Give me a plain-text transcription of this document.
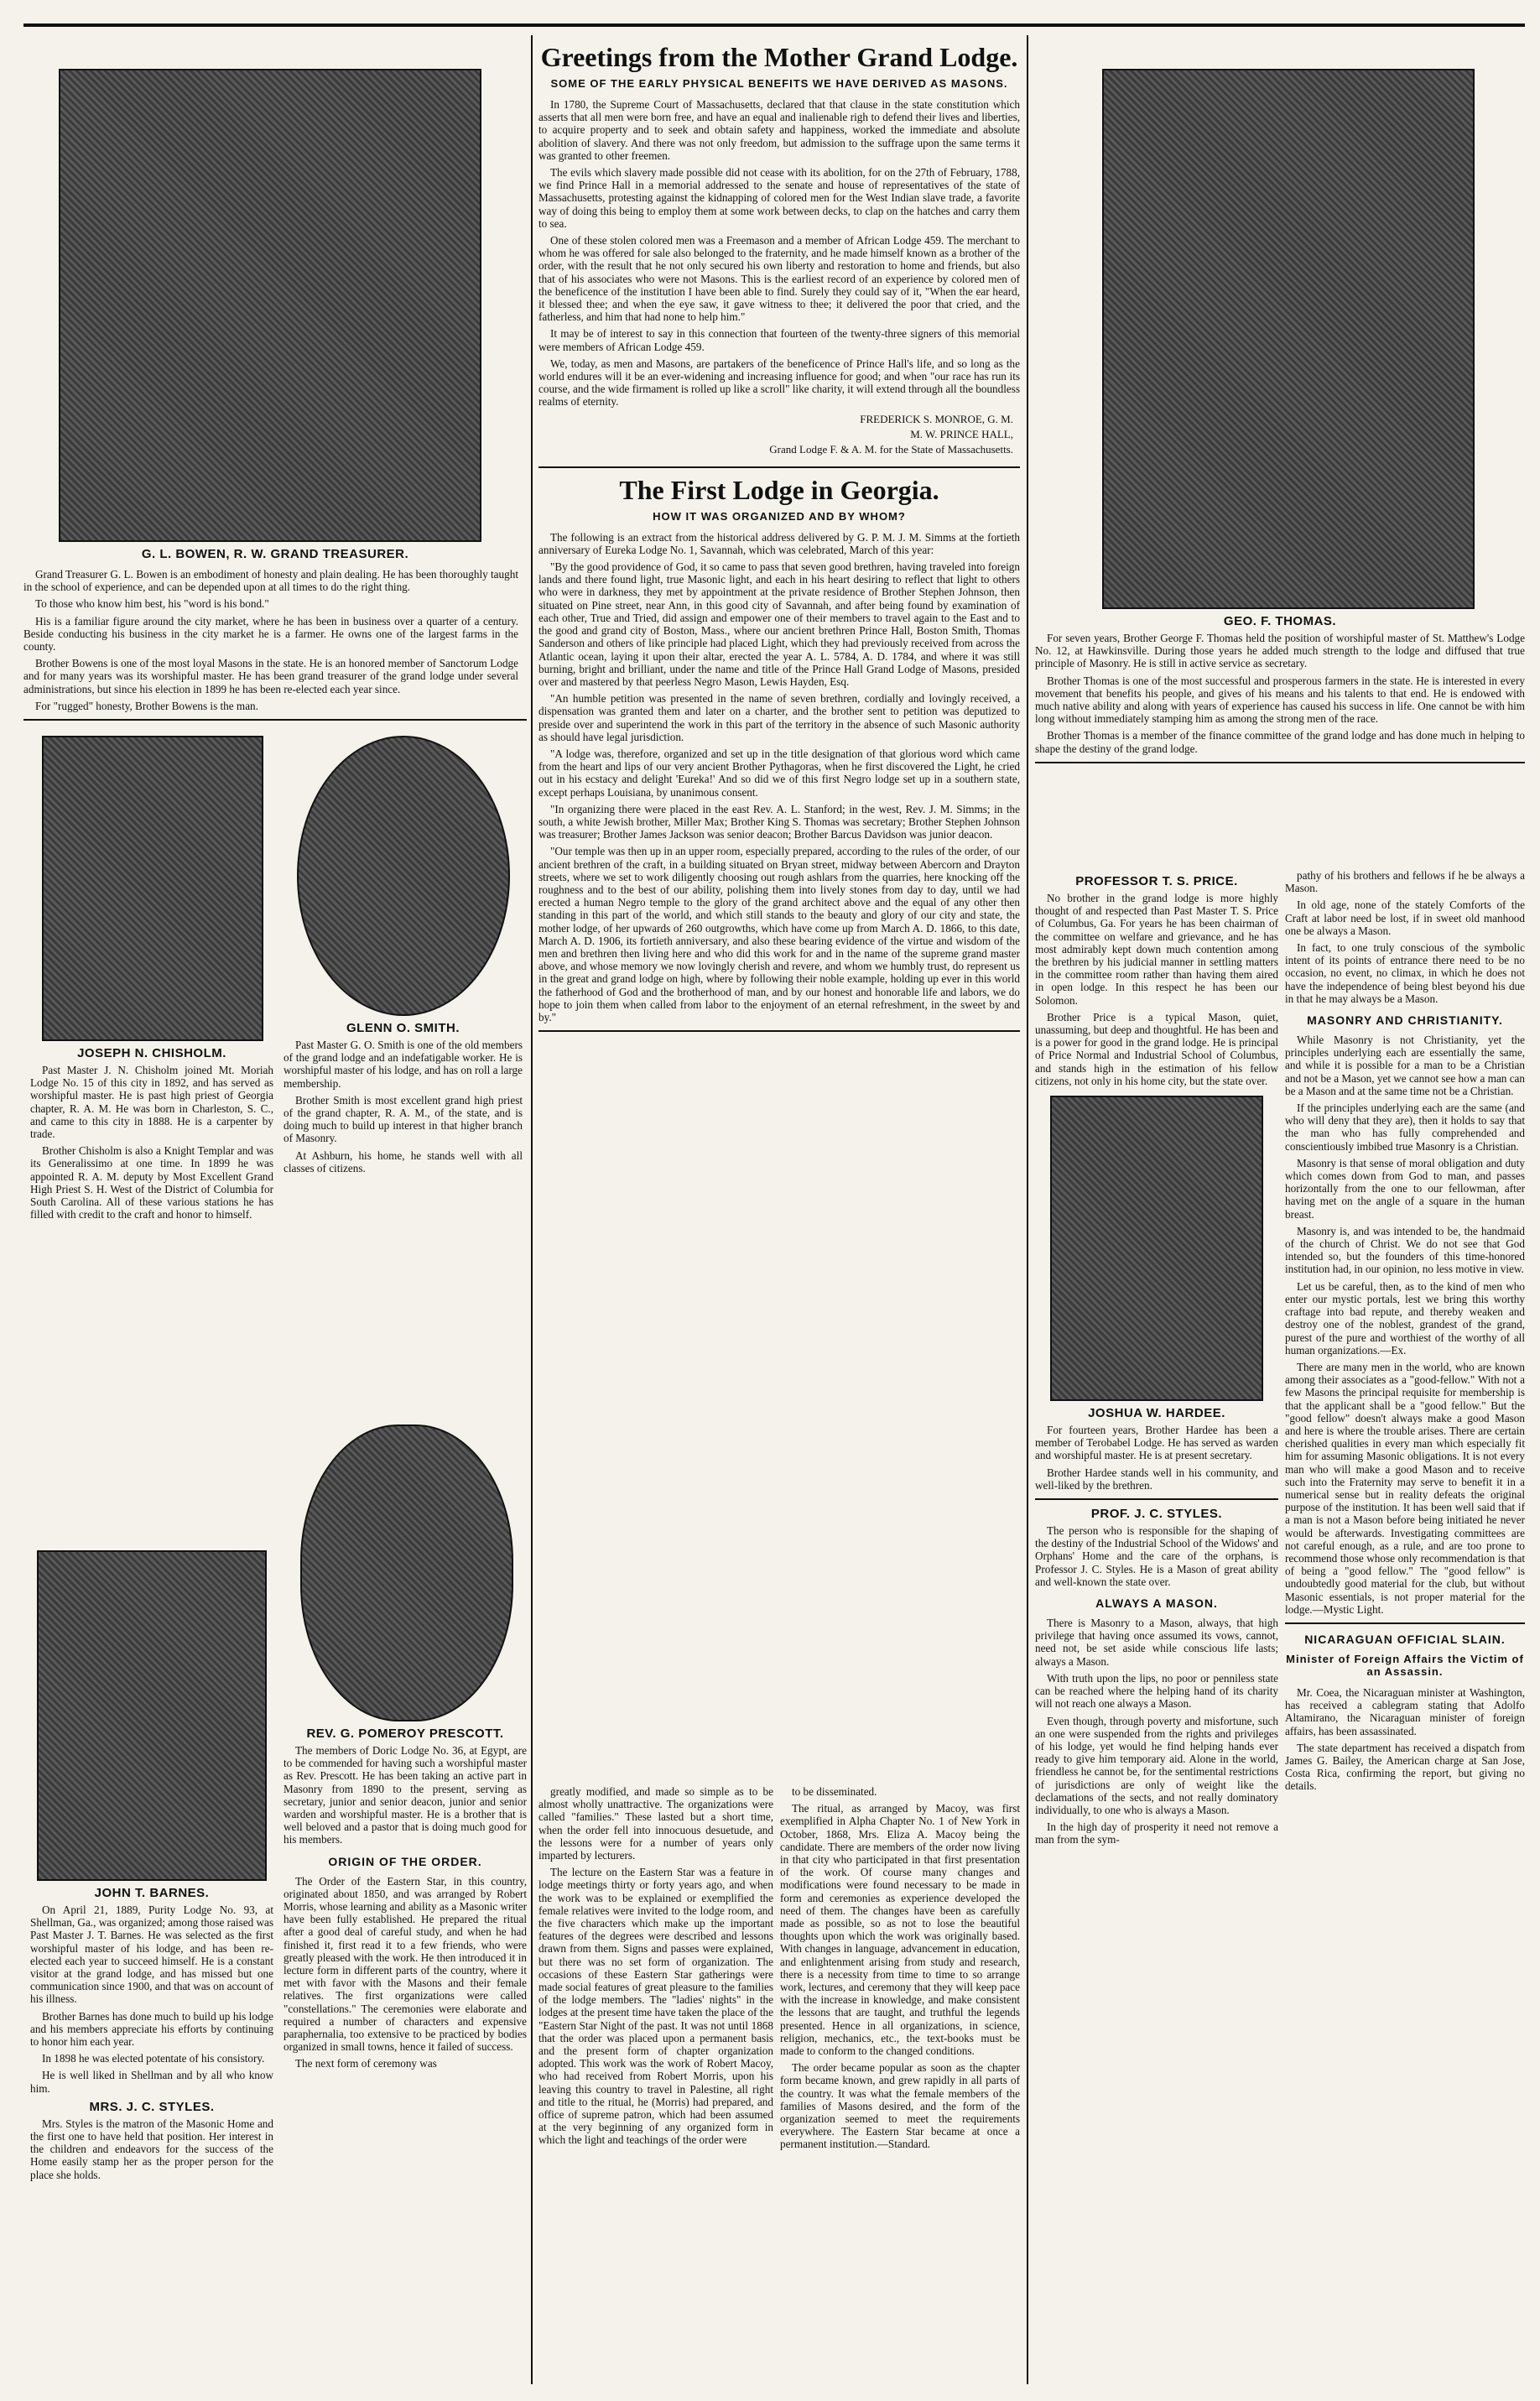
G. L. BOWEN, R. W. GRAND TREASURER.

Grand Treasurer G. L. Bowen is an embodiment of honesty and plain dealing. He has been thoroughly taught in the school of experience, and can be depended upon at all times to do the right thing.

To those who know him best, his "word is his bond."

His is a familiar figure around the city market, where he has been in business over a quarter of a century. Beside conducting his business in the city market he is a farmer. He owns one of the largest farms in the county.

Brother Bowens is one of the most loyal Masons in the state. He is an honored member of Sanctorum Lodge and for many years was its worshipful master. He has been grand treasurer of the grand lodge under several administrations, but since his election in 1899 he has been re-elected each year since.

For "rugged" honesty, Brother Bowens is the man.

JOSEPH N. CHISHOLM.

Past Master J. N. Chisholm joined Mt. Moriah Lodge No. 15 of this city in 1892, and has served as worshipful master. He is past high priest of Georgia chapter, R. A. M. He was born in Charleston, S. C., and came to this city in 1888. He is a carpenter by trade.

Brother Chisholm is also a Knight Templar and was its Generalissimo at one time. In 1899 he was appointed R. A. M. deputy by Most Excellent Grand High Priest S. H. West of the District of Columbia for South Carolina. All of these various stations he has filled with credit to the craft and honor to himself.

GLENN O. SMITH.

Past Master G. O. Smith is one of the old members of the grand lodge and an indefatigable worker. He is worshipful master of his lodge, and has on roll a large membership.

Brother Smith is most excellent grand high priest of the grand chapter, R. A. M., of the state, and is doing much to build up interest in that higher branch of Masonry.

At Ashburn, his home, he stands well with all classes of citizens.

JOHN T. BARNES.

On April 21, 1889, Purity Lodge No. 93, at Shellman, Ga., was organized; among those raised was Past Master J. T. Barnes. He was selected as the first worshipful master of his lodge, and has been re-elected each year to succeed himself. He is a constant visitor at the grand lodge, and has missed but one communication since 1900, and that was on account of his illness.

Brother Barnes has done much to build up his lodge and his members appreciate his efforts by continuing to honor him each year.

In 1898 he was elected potentate of his consistory.

He is well liked in Shellman and by all who know him.

MRS. J. C. STYLES.

Mrs. Styles is the matron of the Masonic Home and the first one to have held that position. Her interest in the children and endeavors for the success of the Home easily stamp her as the proper person for the place she holds.

REV. G. POMEROY PRESCOTT.

The members of Doric Lodge No. 36, at Egypt, are to be commended for having such a worshipful master as Rev. Prescott. He has been taking an active part in Masonry from 1890 to the present, serving as secretary, junior and senior deacon, junior and senior warden and worshipful master. He is a brother that is well beloved and a pastor that is doing much good for his members.

ORIGIN OF THE ORDER.

The Order of the Eastern Star, in this country, originated about 1850, and was arranged by Robert Morris, whose learning and ability as a Masonic writer have been fully established. He prepared the ritual after a good deal of careful study, and when he had finished it, first read it to a few friends, who were greatly pleased with the work. He then introduced it in lecture form in different parts of the country, where it met with favor with the Masons and their female relatives. The first organizations were called "constellations." The ceremonies were elaborate and required a number of characters and expensive paraphernalia, too extensive to be practiced by bodies organized in small towns, hence it failed of success.

The next form of ceremony was

Greetings from the Mother Grand Lodge.
SOME OF THE EARLY PHYSICAL BENEFITS WE HAVE DERIVED AS MASONS.

In 1780, the Supreme Court of Massachusetts, declared that that clause in the state constitution which asserts that all men were born free, and have an equal and inalienable righ to defend their lives and liberties, to acquire property and to seek and obtain safety and happiness, worked the immediate and absolute abolition of slavery. And there was not only freedom, but admission to the suffrage upon the same terms it was granted to other freemen.

The evils which slavery made possible did not cease with its abolition, for on the 27th of February, 1788, we find Prince Hall in a memorial addressed to the senate and house of representatives of the state of Massachusetts, protesting against the kidnapping of colored men for the West Indian slave trade, a favorite way of doing this being to employ them at some work between decks, to clap on the hatches and carry them to sea.

One of these stolen colored men was a Freemason and a member of African Lodge 459. The merchant to whom he was offered for sale also belonged to the fraternity, and he made himself known as a brother of the order, with the result that he not only secured his own liberty and restoration to home and friends, but also that of his associates who were not Masons. This is the earliest record of an experience by colored men of the beneficence of the institution I have been able to find. Surely they could say of it, "When the ear heard, it blessed thee; and when the eye saw, it gave witness to thee; it delivered the poor that cried, and the fatherless, and him that had none to help him."

It may be of interest to say in this connection that fourteen of the twenty-three signers of this memorial were members of African Lodge 459.

We, today, as men and Masons, are partakers of the beneficence of Prince Hall's life, and so long as the world endures will it be an ever-widening and increasing influence for good; and when "our race has run its course, and the wide firmament is rolled up like a scroll" like charity, it will extend through all the boundless realms of eternity.

FREDERICK S. MONROE, G. M.
M. W. PRINCE HALL,
Grand Lodge F. & A. M. for the State of Massachusetts.
The First Lodge in Georgia.
HOW IT WAS ORGANIZED AND BY WHOM?

The following is an extract from the historical address delivered by G. P. M. J. M. Simms at the fortieth anniversary of Eureka Lodge No. 1, Savannah, which was celebrated, March of this year:

"By the good providence of God, it so came to pass that seven good brethren, having traveled into foreign lands and there found light, true Masonic light, and each in his heart desiring to reflect that light to others who were in darkness, they met by appointment at the private residence of Brother Stephen Johnson, then situated on Pine street, near Ann, in this good city of Savannah, and after being found by examination of each other, True and Tried, did assign and empower one of their members to travel again to the East and to the good and grand city of Boston, Mass., where our ancient brethren Prince Hall, Boston Smith, Thomas Sanderson and others of like principle had placed Light, which they had previously received from across the Atlantic ocean, laying it upon their altar, erected the year A. L. 5784, A. D. 1784, and where it was still burning, bright and brilliant, under the name and title of the Prince Hall Grand Lodge of Masons, presided over and mastered by that peerless Negro Mason, Lewis Hayden, Esq.

"An humble petition was presented in the name of seven brethren, cordially and lovingly received, a dispensation was granted them and later on a charter, and the brother sent to petition was deputized to preside over and superintend the work in this part of the territory in the absence of such Masonic authority as should have legal jurisdiction.

"A lodge was, therefore, organized and set up in the title designation of that glorious word which came from the heart and lips of our very ancient Brother Pythagoras, when he first discovered the Light, he cried out in his ecstacy and delight 'Eureka!' And so did we of this first Negro lodge set up in a southern state, except perhaps Louisiana, by unanimous consent.

"In organizing there were placed in the east Rev. A. L. Stanford; in the west, Rev. J. M. Simms; in the south, a white Jewish brother, Miller Max; Brother King S. Thomas was secretary; Brother Stephen Johnson was treasurer; Brother James Jackson was senior deacon; Brother Barcus Davidson was junior deacon.

"Our temple was then up in an upper room, especially prepared, according to the rules of the order, of our ancient brethren of the craft, in a building situated on Bryan street, midway between Abercorn and Drayton streets, where we set to work diligently choosing out rough ashlars from the quarries, here knocking off the roughness and to the best of our ability, polishing them into lively stones from day to day, until we had erected a human Negro temple to the glory of the grand architect above and the equal of any other then standing in this part of the world, and which still stands to the beauty and glory of our city and state, the mother lodge, of her upwards of 260 outgrowths, which have come up from March A. D. 1866, to this date, March A. D. 1906, its fortieth anniversary, and also these bearing evidence of the virtue and wisdom of the men and brethren then living here and who did this work for and in the name of the supreme grand master above, and whose memory we now lovingly cherish and revere, and whom we humbly trust, do represent us in the great and grand lodge on high, where by following their noble example, holding up ever in this world the fatherhood of God and the brotherhood of man, and by our honest and honorable life and labors, we do hope to join them when called from labor to the enjoyment of an eternal refreshment, in the sweet by and by."

greatly modified, and made so simple as to be almost wholly unattractive. The organizations were called "families." These lasted but a short time, when the order fell into innocuous desuetude, and the lessons were for a number of years only imparted by lecturers.

The lecture on the Eastern Star was a feature in lodge meetings thirty or forty years ago, and when the work was to be explained or exemplified the female relatives were invited to the lodge room, and the five characters which make up the important features of the degrees were described and lessons drawn from them. Signs and passes were explained, but there was no set form of organization. The occasions of these Eastern Star gatherings were made social features of great pleasure to the families of the lodge members. The "ladies' nights" in the lodges at the present time have taken the place of the "Eastern Star Night of the past. It was not until 1868 that the order was placed upon a permanent basis and the present form of chapter organization adopted. This work was the work of Robert Macoy, who had received from Robert Morris, upon his leaving this country to travel in Palestine, all right and title to the ritual, he (Morris) had prepared, and office of supreme patron, which had been assumed at the very beginning of any organized form in which the light and teachings of the order were

to be disseminated.

The ritual, as arranged by Macoy, was first exemplified in Alpha Chapter No. 1 of New York in October, 1868, Mrs. Eliza A. Macoy being the candidate. There are members of the order now living in that city who participated in that first presentation of the work. Of course many changes and modifications were found necessary to be made in form and ceremonies as experience developed the need of them. The changes have been as carefully made as possible, so as not to lose the beautiful thoughts upon which the work was originally based. With changes in language, advancement in education, and enlightenment arising from study and research, there is a necessity from time to time to so arrange work, lectures, and ceremony that they will keep pace with the increase in knowledge, and make consistent the lessons that are taught, and truthful the legends presented. Hence in all organizations, in science, religion, mechanics, etc., the text-books must be made to conform to the changed conditions.

The order became popular as soon as the chapter form became known, and grew rapidly in all parts of the country. It was what the female members of the families of Masons desired, and the form of the organization seemed to meet the requirements everywhere. The Eastern Star became at once a permanent institution.—Standard.

GEO. F. THOMAS.

For seven years, Brother George F. Thomas held the position of worshipful master of St. Matthew's Lodge No. 12, at Hawkinsville. During those years he added much strength to the lodge and diffused that true principle of Masonry. He is still in active service as secretary.

Brother Thomas is one of the most successful and prosperous farmers in the state. He is interested in every movement that benefits his people, and gives of his means and his talents to that end. He is endowed with much native ability and along with years of experience has caused his success in life. One cannot be with him long without immediately stamping him as among the strong men of the race.

Brother Thomas is a member of the finance committee of the grand lodge and has done much in helping to shape the destiny of the grand lodge.

PROFESSOR T. S. PRICE.

No brother in the grand lodge is more highly thought of and respected than Past Master T. S. Price of Columbus, Ga. For years he has been chairman of the committee on welfare and grievance, and he has most admirably kept down much contention among the brethren by his judicial manner in settling matters in the committee room rather than having them aired in open lodge. In this respect he has been our Solomon.

Brother Price is a typical Mason, quiet, unassuming, but deep and thoughtful. He has been and is a power for good in the grand lodge. He is principal of Price Normal and Industrial School of Columbus, and stands high in the estimation of his fellow citizens, not only in his home city, but the state over.

JOSHUA W. HARDEE.

For fourteen years, Brother Hardee has been a member of Terobabel Lodge. He has served as warden and worshipful master. He is at present secretary.

Brother Hardee stands well in his community, and well-liked by the brethren.

PROF. J. C. STYLES.

The person who is responsible for the shaping of the destiny of the Industrial School of the Widows' and Orphans' Home and the care of the orphans, is Professor J. C. Styles. He is a Mason of great ability and well-known the state over.

ALWAYS A MASON.

There is Masonry to a Mason, always, that high privilege that having once assumed its vows, cannot, need not, be set aside while conscious life lasts; always a Mason.

With truth upon the lips, no poor or penniless state can be reached where the helping hand of its charity will not reach one always a Mason.

Even though, through poverty and misfortune, such an one were suspended from the rights and privileges of his lodge, yet would he find helping hands ever ready to give him temporary aid. Alone in the world, friendless he cannot be, for the sentimental restrictions of jurisdictions are only of weight like the declamations of the sects, and not really dominatory individually, to one who is always a Mason.

In the high day of prosperity it need not remove a man from the sym-

pathy of his brothers and fellows if he be always a Mason.

In old age, none of the stately Comforts of the Craft at labor need be lost, if in sweet old manhood one be always a Mason.

In fact, to one truly conscious of the symbolic intent of its points of entrance there need to be no occasion, no event, no climax, in which he does not have the independence of being blest beyond his due in that he may always be a Mason.

MASONRY AND CHRISTIANITY.

While Masonry is not Christianity, yet the principles underlying each are essentially the same, and while it is possible for a man to be a Christian and not be a Mason, yet we cannot see how a man can be a Mason and at the same time not be a Christian.

If the principles underlying each are the same (and who will deny that they are), then it holds to say that the man who has fully comprehended and conscientiously imbibed true Masonry is a Christian.

Masonry is that sense of moral obligation and duty which comes down from God to man, and passes horizontally from the one to our fellowman, after having met on the angle of a square in the human breast.

Masonry is, and was intended to be, the handmaid of the church of Christ. We do not see that God intended so, but the founders of this time-honored institution had, in our opinion, no less motive in view.

Let us be careful, then, as to the kind of men who enter our mystic portals, lest we bring this worthy craftage into bad repute, and thereby weaken and destroy one of the noblest, grandest of the grand, purest of the pure and worthiest of the worthy of all human organizations.—Ex.

There are many men in the world, who are known among their associates as a "good-fellow." With not a few Masons the principal requisite for membership is that the applicant shall be a "good fellow." But the "good fellow" doesn't always make a good Mason and here is where the trouble arises. There are certain cherished qualities in every man which especially fit him for assuming Masonic obligations. It is not every man who will make a good Mason and to receive such into the Fraternity may serve to benefit it in a numerical sense but in reality defeats the original purpose of the institution. It has been well said that if a man is not a Mason before being initiated he never would be afterwards. Investigating committees are not careful enough, as a rule, and are too prone to recommend those whose only recommendation is that of being a "good fellow." The "good fellow" is undoubtedly good material for the club, but without Masonic essentials, is not proper material for the lodge.—Mystic Light.

NICARAGUAN OFFICIAL SLAIN.
Minister of Foreign Affairs the Victim of an Assassin.

Mr. Coea, the Nicaraguan minister at Washington, has received a cablegram stating that Adolfo Altamirano, the Nicaraguan minister of foreign affairs, has been assassinated.

The state department has received a dispatch from James G. Bailey, the American charge at San Jose, Costa Rica, confirming the report, but giving no details.
